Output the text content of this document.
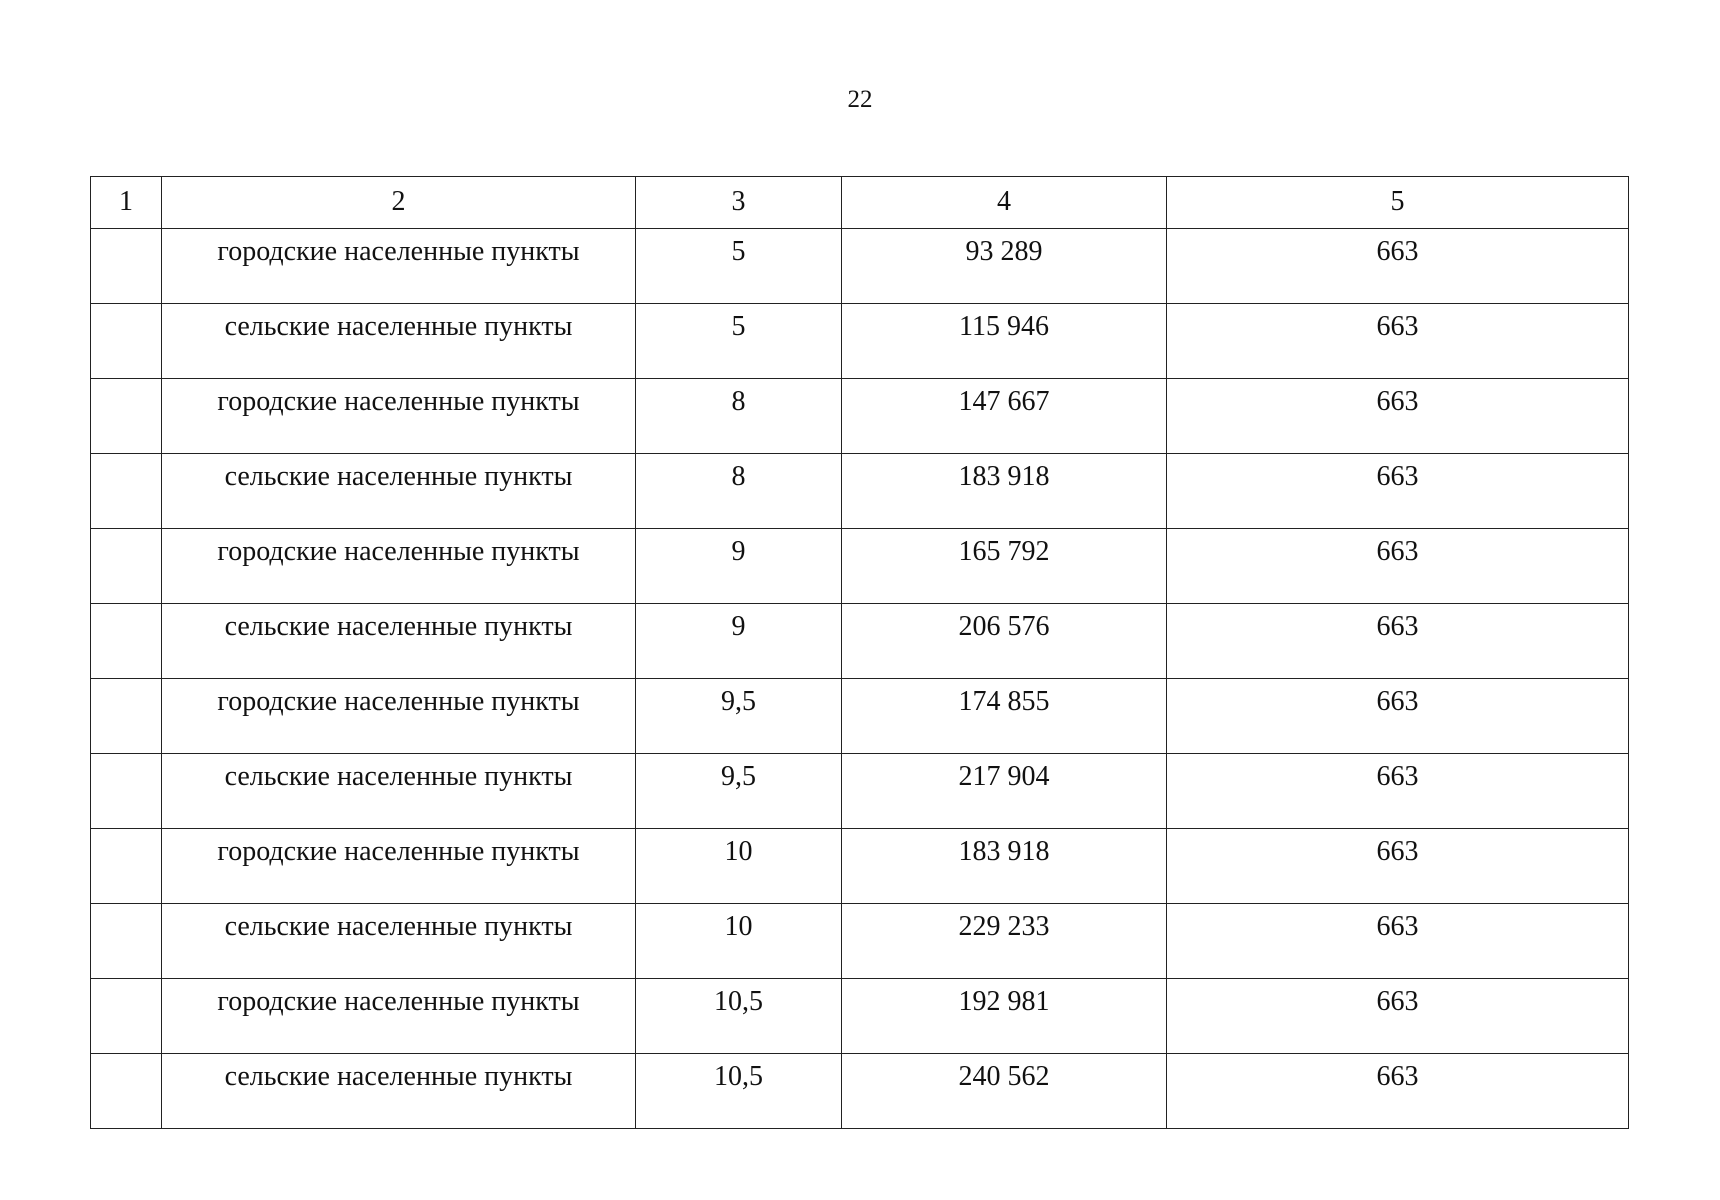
22
1	2	3	4	5
	городские населенные пункты	5	93 289	663
	сельские населенные пункты	5	115 946	663
	городские населенные пункты	8	147 667	663
	сельские населенные пункты	8	183 918	663
	городские населенные пункты	9	165 792	663
	сельские населенные пункты	9	206 576	663
	городские населенные пункты	9,5	174 855	663
	сельские населенные пункты	9,5	217 904	663
	городские населенные пункты	10	183 918	663
	сельские населенные пункты	10	229 233	663
	городские населенные пункты	10,5	192 981	663
	сельские населенные пункты	10,5	240 562	663
